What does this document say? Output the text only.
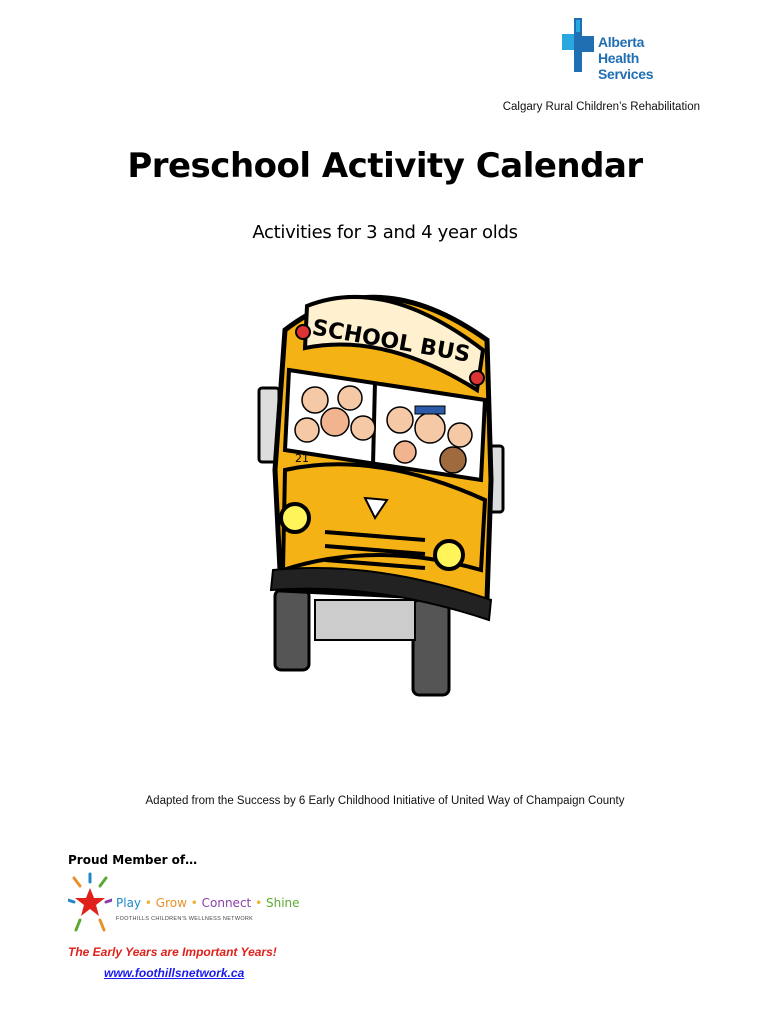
Alberta Health
Services
Calgary Rural Children’s Rehabilitation
Preschool Activity Calendar
Activities for 3 and 4 year olds
SCHOOL BUS
21
Adapted from the Success by 6 Early Childhood Initiative of United Way of Champaign County
Proud Member of…
Play • Grow • Connect • Shine
FOOTHILLS CHILDREN'S WELLNESS NETWORK
The Early Years are Important Years!
www.foothillsnetwork.ca
